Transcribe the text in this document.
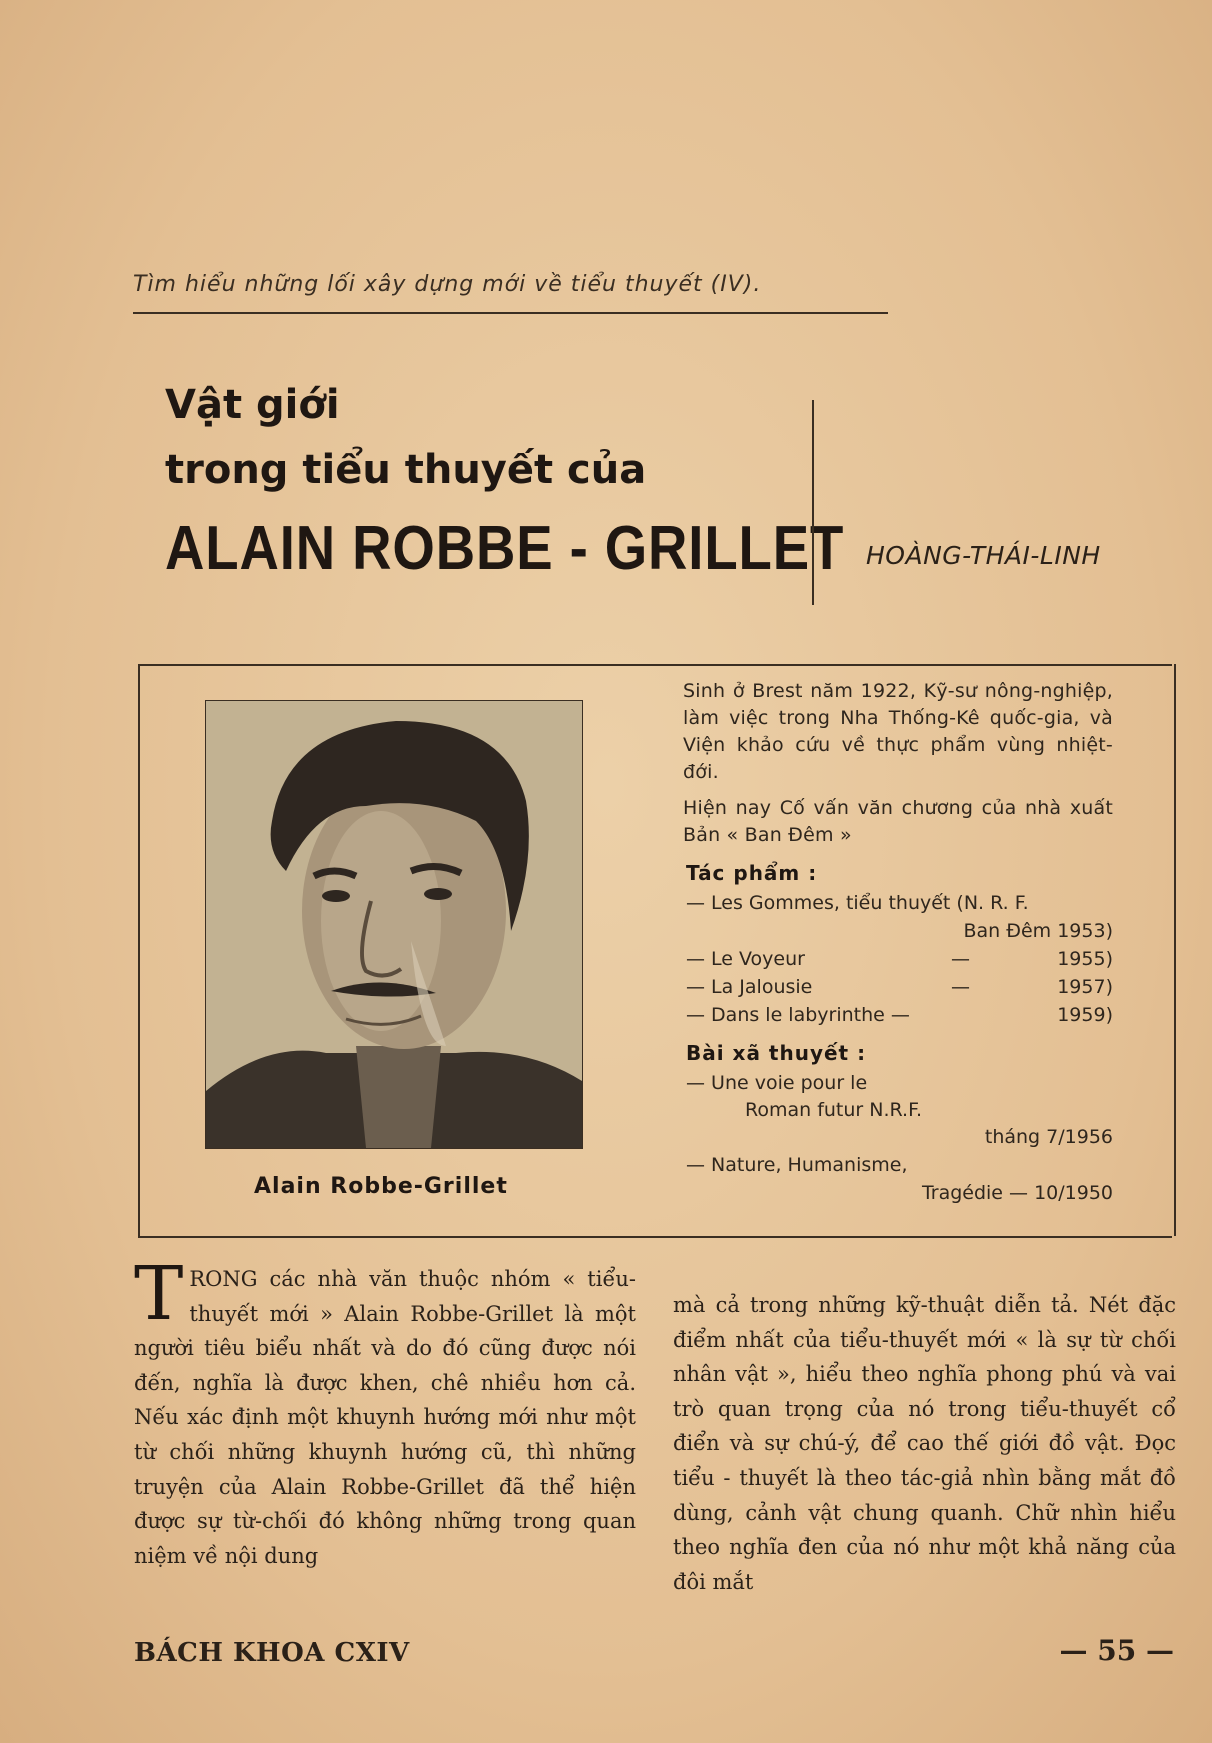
Tìm hiểu những lối xây dựng mới về tiểu thuyết (IV).
Vật giới
trong tiểu thuyết của
ALAIN ROBBE - GRILLET HOÀNG-THÁI-LINH
Alain Robbe-Grillet

Sinh ở Brest năm 1922, Kỹ-sư nông-nghiệp, làm việc trong Nha Thống-Kê quốc-gia, và Viện khảo cứu về thực phẩm vùng nhiệt-đới.

Hiện nay Cố vấn văn chương của nhà xuất Bản « Ban Đêm »

Tác phẩm :
— Les Gommes, tiểu thuyết (N. R. F.
Ban Đêm 1953)
— Le Voyeur	—	1955)
— La Jalousie	—	1957)
— Dans le labyrinthe —	1959)
Bài xã thuyết :
— Une voie pour le
Roman futur N.R.F.
tháng 7/1956
— Nature, Humanisme,
Tragédie — 10/1950

TRONG các nhà văn thuộc nhóm « tiểu-thuyết mới » Alain Robbe-Grillet là một người tiêu biểu nhất và do đó cũng được nói đến, nghĩa là được khen, chê nhiều hơn cả. Nếu xác định một khuynh hướng mới như một từ chối những khuynh hướng cũ, thì những truyện của Alain Robbe-Grillet đã thể hiện được sự từ-chối đó không những trong quan niệm về nội dung

mà cả trong những kỹ-thuật diễn tả. Nét đặc điểm nhất của tiểu-thuyết mới « là sự từ chối nhân vật », hiểu theo nghĩa phong phú và vai trò quan trọng của nó trong tiểu-thuyết cổ điển và sự chú-ý, để cao thế giới đồ vật. Đọc tiểu - thuyết là theo tác-giả nhìn bằng mắt đồ dùng, cảnh vật chung quanh. Chữ nhìn hiểu theo nghĩa đen của nó như một khả năng của đôi mắt

BÁCH KHOA CXIV	— 55 —
